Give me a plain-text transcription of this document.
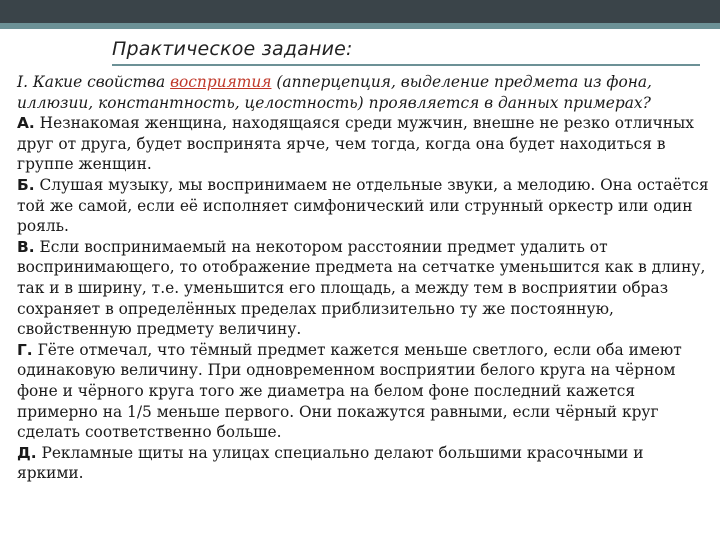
Практическое задание:

I. Какие свойства восприятия (апперцепция, выделение предмета из фона, иллюзии, константность, целостность) проявляется в данных примерах?

А. Незнакомая женщина, находящаяся среди мужчин, внешне не резко отличных друг от друга, будет воспринята ярче, чем тогда, когда она будет находиться в группе женщин.

Б. Слушая музыку, мы воспринимаем не отдельные звуки, а мелодию. Она остаётся той же самой, если её исполняет симфонический или струнный оркестр или один рояль.

В. Если воспринимаемый на некотором расстоянии предмет удалить от воспринимающего, то отображение предмета на сетчатке уменьшится как в длину, так и в ширину, т.е. уменьшится его площадь, а между тем в восприятии образ сохраняет в определённых пределах приблизительно ту же постоянную, свойственную предмету величину.

Г. Гёте отмечал, что тёмный предмет кажется меньше светлого, если оба имеют одинаковую величину. При одновременном восприятии белого круга на чёрном фоне и чёрного круга того же диаметра на белом фоне последний кажется примерно на 1/5 меньше первого. Они покажутся равными, если чёрный круг сделать соответственно больше.

Д. Рекламные щиты на улицах специально делают большими красочными и яркими.
